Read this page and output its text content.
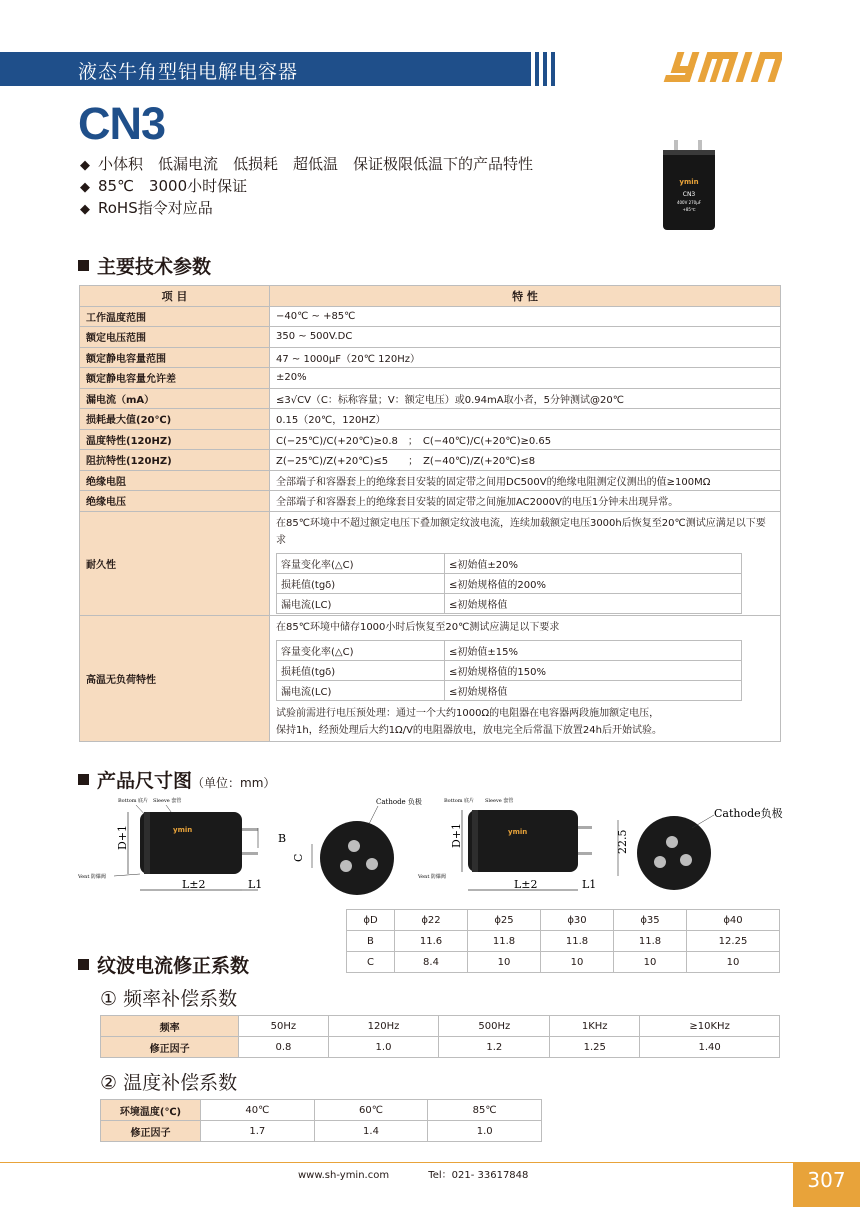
液态牛角型铝电解电容器
CN3
◆ 小体积　低漏电流　低损耗　超低温　保证极限低温下的产品特性
◆ 85℃　3000小时保证
◆ RoHS指令对应品
ymin
CN3
400V 270μF
+85℃
主要技术参数
项 目	特 性
工作温度范围	−40℃ ~ +85℃
额定电压范围	350 ~ 500V.DC
额定静电容量范围	47 ~ 1000μF（20℃ 120Hz）
额定静电容量允许差	±20%
漏电流（mA）	≤3√CV（C：标称容量；V：额定电压）或0.94mA取小者，5分钟测试@20℃
损耗最大值(20℃)	0.15（20℃，120HZ）
温度特性(120HZ)	C(−25℃)/C(+20℃)≥0.8　；　C(−40℃)/C(+20℃)≥0.65
阻抗特性(120HZ)	Z(−25℃)/Z(+20℃)≤5　　；　Z(−40℃)/Z(+20℃)≤8
绝缘电阻	全部端子和容器套上的绝缘套目安装的固定带之间用DC500V的绝缘电阻测定仪测出的值≥100MΩ
绝缘电压	全部端子和容器套上的绝缘套目安装的固定带之间施加AC2000V的电压1分钟未出现异常。
耐久性	
在85℃环境中不超过额定电压下叠加额定纹波电流，连续加载额定电压3000h后恢复至20℃测试应满足以下要求
容量变化率(△C)	≤初始值±20%
损耗值(tgδ)	≤初始规格值的200%
漏电流(LC)	≤初始规格值

高温无负荷特性	
在85℃环境中储存1000小时后恢复至20℃测试应满足以下要求
容量变化率(△C)	≤初始值±15%
损耗值(tgδ)	≤初始规格值的150%
漏电流(LC)	≤初始规格值
试验前需进行电压预处理：通过一个大约1000Ω的电阻器在电容器两段施加额定电压，
保持1h，经预处理后大约1Ω/V的电阻器放电，放电完全后常温下放置24h后开始试验。
产品尺寸图（单位：mm）
Bottom 底片 Sleeve 套管
ymin
D+1
Vent 防爆阀
L±2	L1
B
Cathode 负极
C
Bottom 底片 Sleeve 套管
ymin
D+1
Vent 防爆阀
L±2	L1
22.5
Cathode负极
ϕD	ϕ22	ϕ25	ϕ30	ϕ35	ϕ40
B	11.6	11.8	11.8	11.8	12.25
C	8.4	10	10	10	10
纹波电流修正系数
① 频率补偿系数
频率	50Hz	120Hz	500Hz	1KHz	≥10KHz
修正因子	0.8	1.0	1.2	1.25	1.40
② 温度补偿系数
环境温度(℃)	40℃	60℃	85℃
修正因子	1.7	1.4	1.0
www.sh-ymin.com	Tel：021- 33617848	307
